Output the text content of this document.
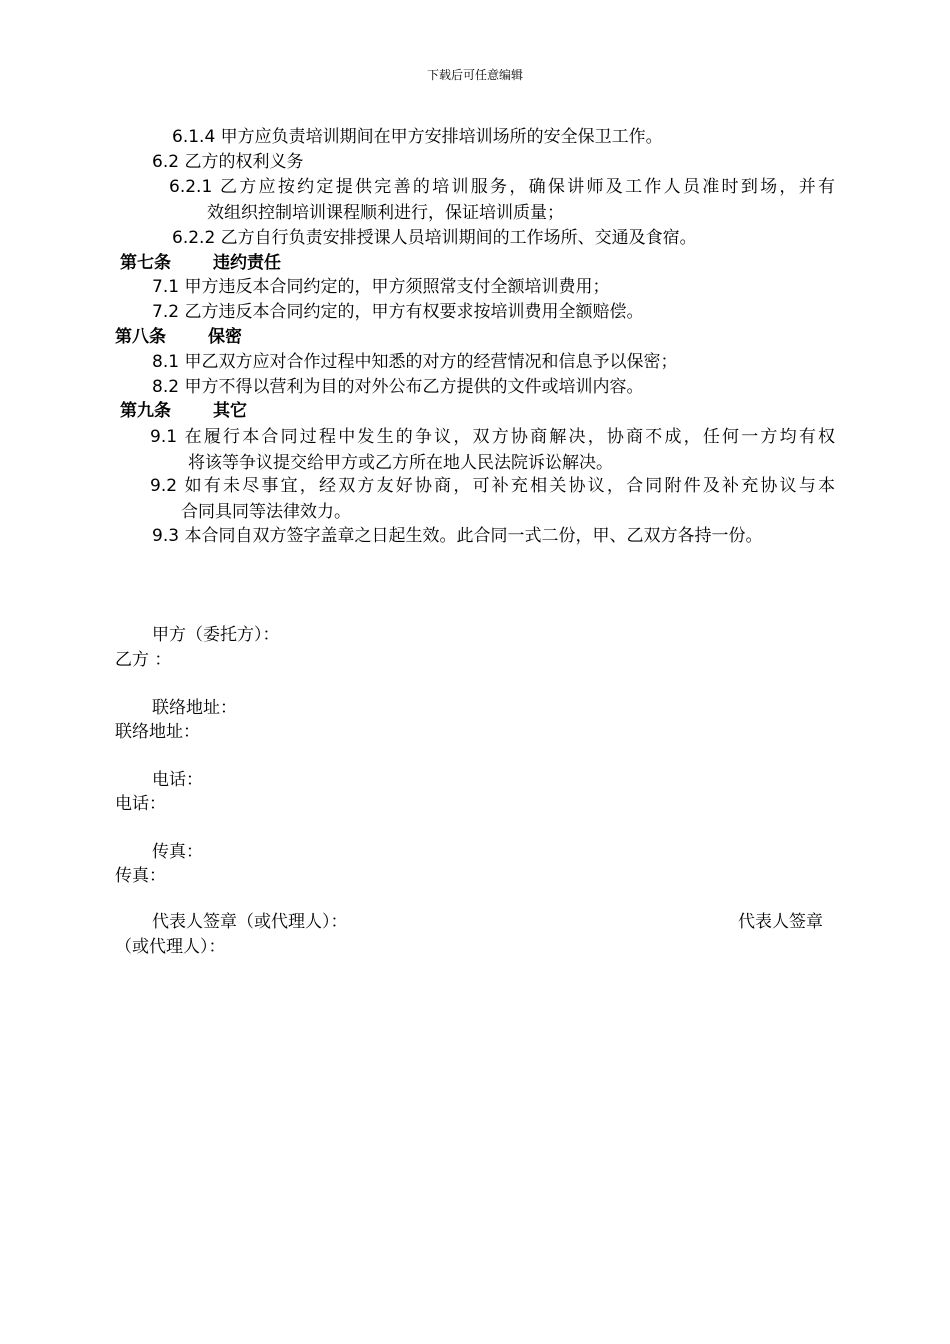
下载后可任意编辑
6.1.4 甲方应负责培训期间在甲方安排培训场所的安全保卫工作。
6.2 乙方的权利义务
6.2.1 乙方应按约定提供完善的培训服务，确保讲师及工作人员准时到场，并有
效组织控制培训课程顺利进行，保证培训质量；
6.2.2 乙方自行负责安排授课人员培训期间的工作场所、交通及食宿。
第七条 违约责任
7.1 甲方违反本合同约定的，甲方须照常支付全额培训费用；
7.2 乙方违反本合同约定的，甲方有权要求按培训费用全额赔偿。
第八条 保密
8.1 甲乙双方应对合作过程中知悉的对方的经营情况和信息予以保密；
8.2 甲方不得以营利为目的对外公布乙方提供的文件或培训内容。
第九条 其它
9.1 在履行本合同过程中发生的争议，双方协商解决，协商不成，任何一方均有权
将该等争议提交给甲方或乙方所在地人民法院诉讼解决。
9.2 如有未尽事宜，经双方友好协商，可补充相关协议，合同附件及补充协议与本
合同具同等法律效力。
9.3 本合同自双方签字盖章之日起生效。此合同一式二份，甲、乙双方各持一份。
甲方（委托方）：
乙方 ：
联络地址：
联络地址：
电话：
电话：
传真：
传真：
代表人签章（或代理人）：	代表人签章
（或代理人）：
